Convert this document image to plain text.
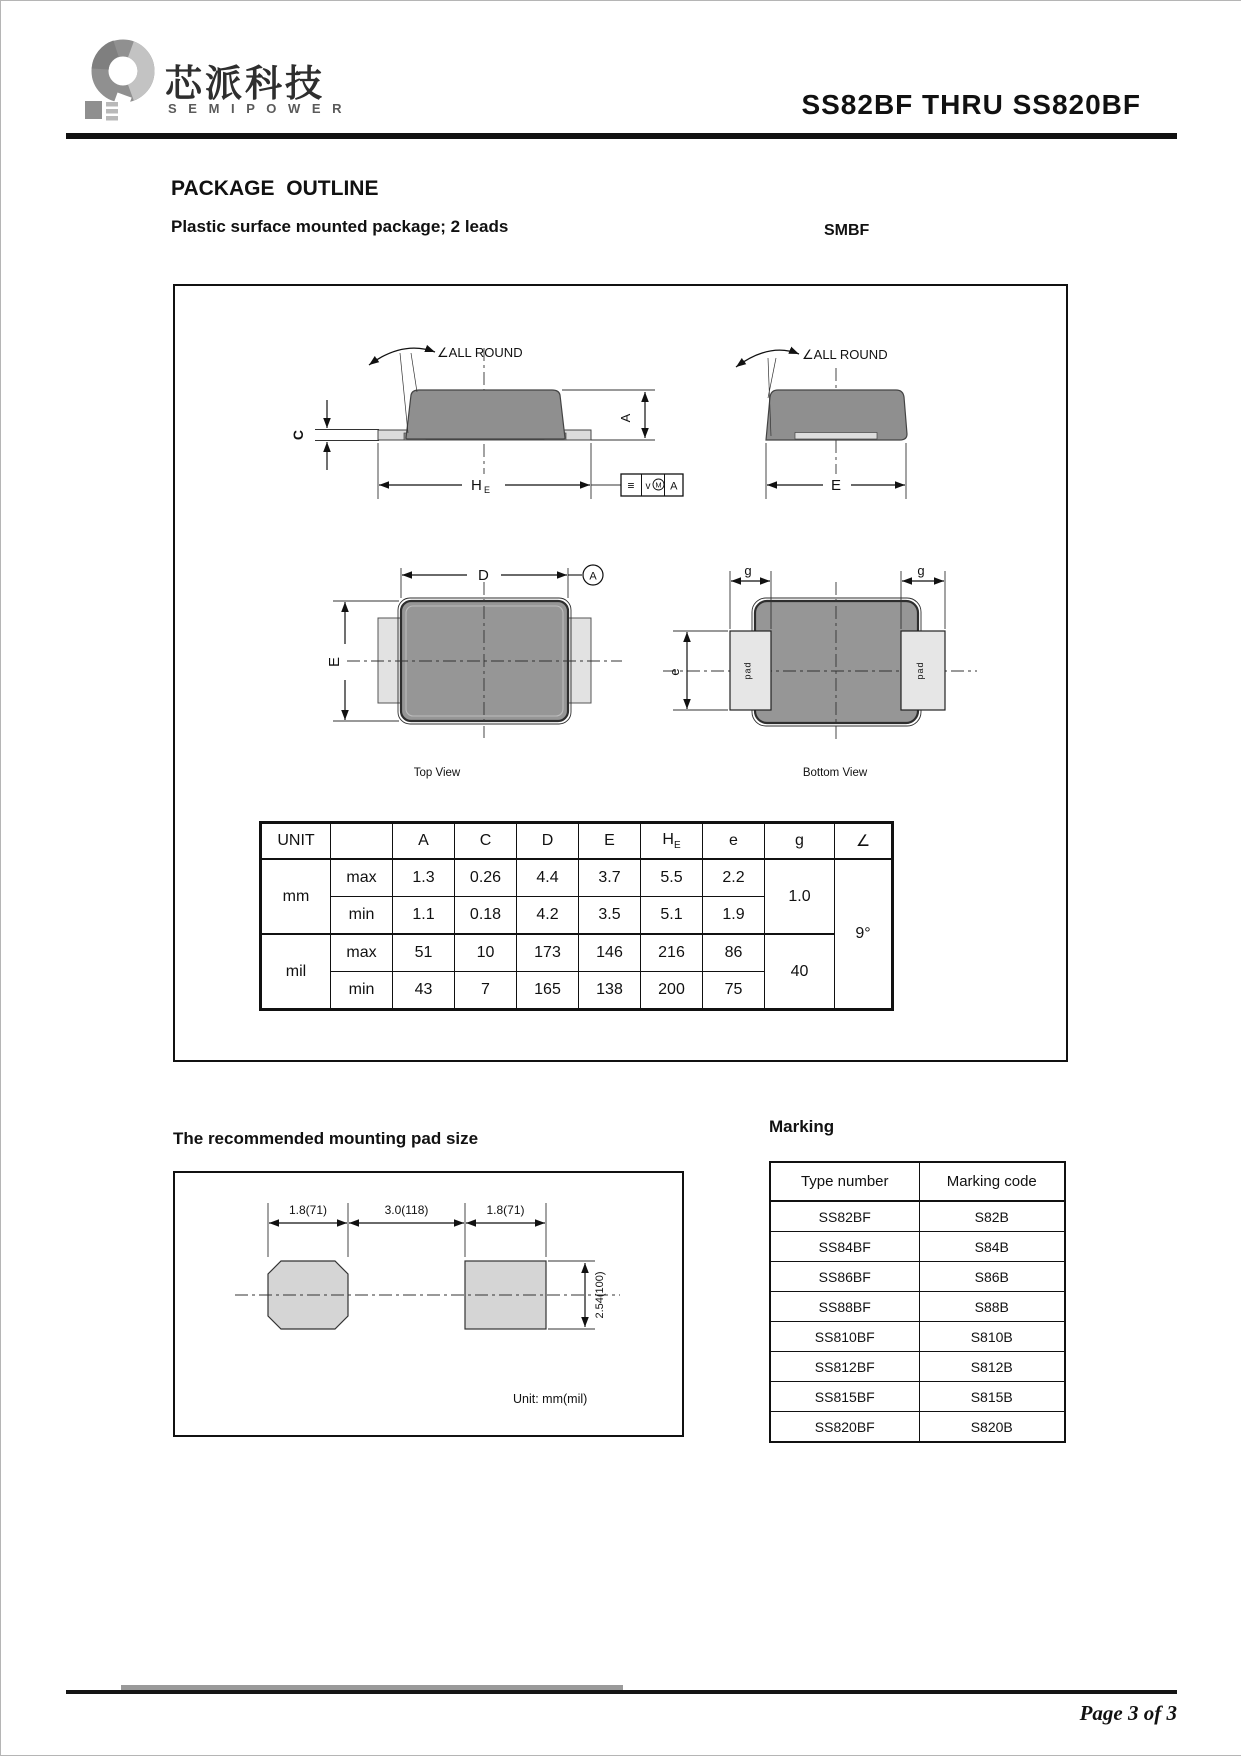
芯派科技
S E M I P O W E R	SS82BF THRU SS820BF
PACKAGE OUTLINE
Plastic surface mounted package; 2 leads	SMBF
∠ALL ROUND
C
A
H E	≡ v M A
∠ALL ROUND
E
D	A
E
Top View
pad	pad
g	g
e
Bottom View
UNIT		A	C	D	E	$H_E$	e	g	∠
mm	max	1.3	0.26	4.4	3.7	5.5	2.2	1.0	9°
	min	1.1	0.18	4.2	3.5	5.1	1.9		
mil	max	51	10	173	146	216	86	40	
	min	43	7	165	138	200	75		
The recommended mounting pad size
1.8(71)	3.0(118)	1.8(71)
2.54(100)
Unit: mm(mil)
Marking
Type number	Marking code
SS82BF	S82B
SS84BF	S84B
SS86BF	S86B
SS88BF	S88B
SS810BF	S810B
SS812BF	S812B
SS815BF	S815B
SS820BF	S820B
Page 3 of 3
